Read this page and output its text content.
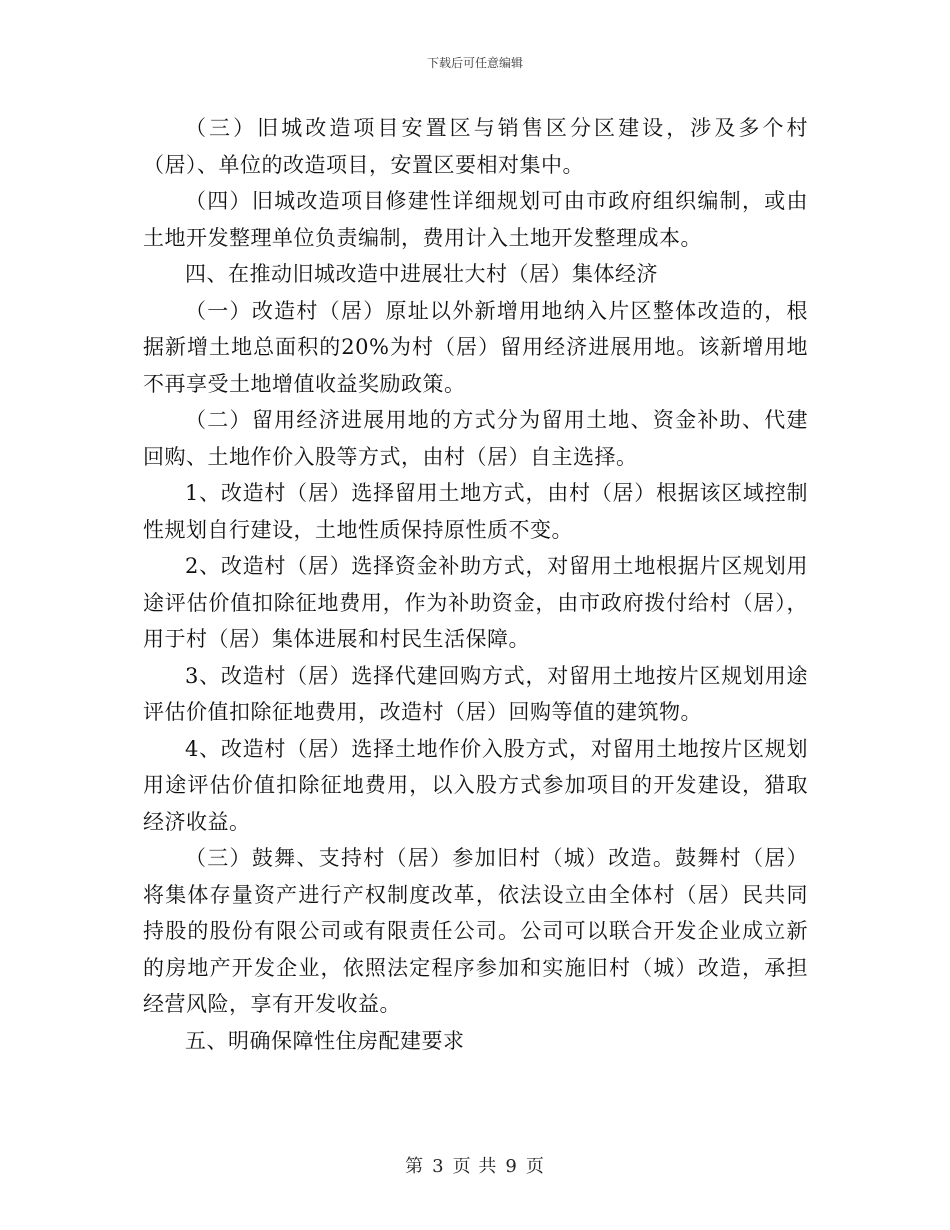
下载后可任意编辑

（三）旧城改造项目安置区与销售区分区建设，涉及多个村（居）、单位的改造项目，安置区要相对集中。

（四）旧城改造项目修建性详细规划可由市政府组织编制，或由土地开发整理单位负责编制，费用计入土地开发整理成本。

四、在推动旧城改造中进展壮大村（居）集体经济

（一）改造村（居）原址以外新增用地纳入片区整体改造的，根据新增土地总面积的20%为村（居）留用经济进展用地。该新增用地不再享受土地增值收益奖励政策。

（二）留用经济进展用地的方式分为留用土地、资金补助、代建回购、土地作价入股等方式，由村（居）自主选择。

1、改造村（居）选择留用土地方式，由村（居）根据该区域控制性规划自行建设，土地性质保持原性质不变。

2、改造村（居）选择资金补助方式，对留用土地根据片区规划用途评估价值扣除征地费用，作为补助资金，由市政府拨付给村（居），用于村（居）集体进展和村民生活保障。

3、改造村（居）选择代建回购方式，对留用土地按片区规划用途评估价值扣除征地费用，改造村（居）回购等值的建筑物。

4、改造村（居）选择土地作价入股方式，对留用土地按片区规划用途评估价值扣除征地费用，以入股方式参加项目的开发建设，猎取经济收益。

（三）鼓舞、支持村（居）参加旧村（城）改造。鼓舞村（居）将集体存量资产进行产权制度改革，依法设立由全体村（居）民共同持股的股份有限公司或有限责任公司。公司可以联合开发企业成立新的房地产开发企业，依照法定程序参加和实施旧村（城）改造，承担经营风险，享有开发收益。

五、明确保障性住房配建要求

第 3 页 共 9 页
